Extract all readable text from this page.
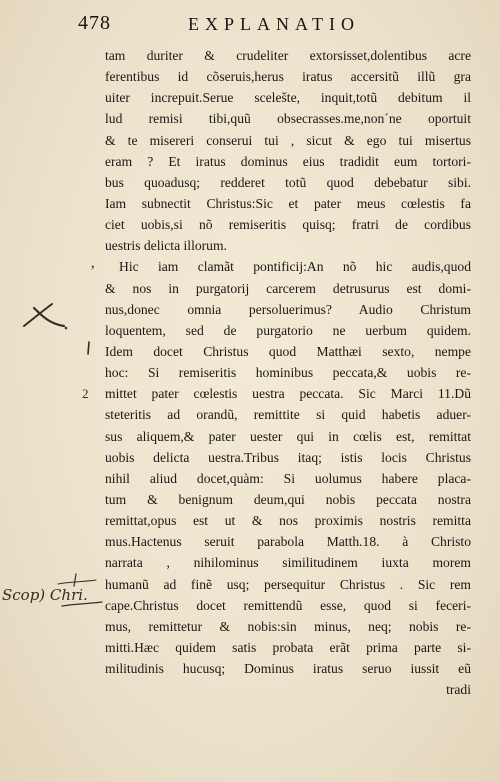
478	EXPLANATIO
tam duriter & crudeliter extorsisset,dolentibus acre
ferentibus id cõseruis,herus iratus accersitũ illũ gra
uiter increpuit.Serue scelešte, inquit,totũ debitum il
lud remisi tibi,quũ obsecrasses.me,non´ne oportuit
& te misereri conserui tui , sicut & ego tui misertus
eram ? Et iratus dominus eius tradidit eum tortori-
bus quoadusq; redderet totũ quod debebatur sibi.
Iam subnectit Christus:Sic et pater meus cœlestis fa
ciet uobis,si nõ remiseritis quisq; fratri de cordibus
uestris delicta illorum.
Hic iam clamãt pontificij:An nõ hic audis,quod
& nos in purgatorij carcerem detrusurus est domi-
nus,donec omnia persoluerimus? Audio Christum
loquentem, sed de purgatorio ne uerbum quidem.
Idem docet Christus quod Matthæi sexto, nempe
hoc: Si remiseritis hominibus peccata,& uobis re-
mittet pater cœlestis uestra peccata. Sic Marci 11.Dũ
steteritis ad orandũ, remittite si quid habetis aduer-
sus aliquem,& pater uester qui in cœlis est, remittat
uobis delicta uestra.Tribus itaq; istis locis Christus
nihil aliud docet,quàm: Si uolumus habere placa-
tum & benignum deum,qui nobis peccata nostra
remittat,opus est ut & nos proximis nostris remitta
mus.Hactenus seruit parabola Matth.18. à Christo
narrata , nihilominus similitudinem iuxta morem
humanũ ad finẽ usq; persequitur Christus . Sic rem
cape.Christus docet remittendũ esse, quod si feceri-
mus, remittetur & nobis:sin minus, neq; nobis re-
mitti.Hæc quidem satis probata erãt prima parte si-
militudinis hucusq; Dominus iratus seruo iussit eũ
tradi
‚
2
Scop) Chri.
